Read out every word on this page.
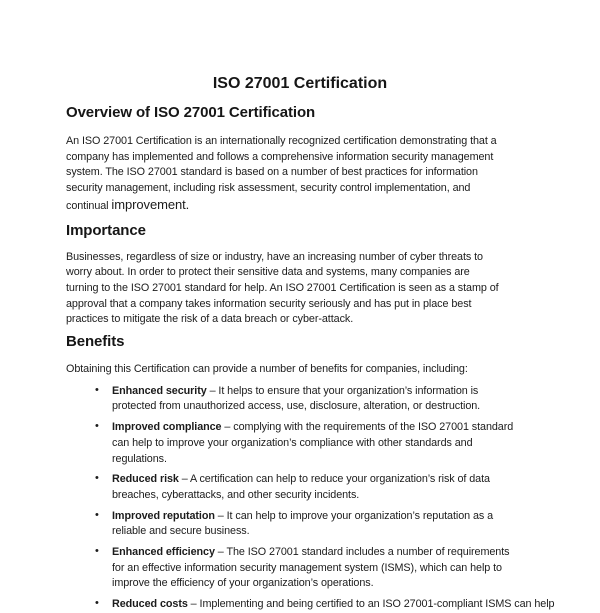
ISO 27001 Certification
Overview of ISO 27001 Certification
An ISO 27001 Certification is an internationally recognized certification demonstrating that a
company has implemented and follows a comprehensive information security management
system. The ISO 27001 standard is based on a number of best practices for information
security management, including risk assessment, security control implementation, and
continual improvement.
Importance
Businesses, regardless of size or industry, have an increasing number of cyber threats to
worry about. In order to protect their sensitive data and systems, many companies are
turning to the ISO 27001 standard for help. An ISO 27001 Certification is seen as a stamp of
approval that a company takes information security seriously and has put in place best
practices to mitigate the risk of a data breach or cyber-attack.
Benefits
Obtaining this Certification can provide a number of benefits for companies, including:
• Enhanced security – It helps to ensure that your organization’s information is
protected from unauthorized access, use, disclosure, alteration, or destruction.
• Improved compliance – complying with the requirements of the ISO 27001 standard
can help to improve your organization’s compliance with other standards and
regulations.
• Reduced risk – A certification can help to reduce your organization’s risk of data
breaches, cyberattacks, and other security incidents.
• Improved reputation – It can help to improve your organization’s reputation as a
reliable and secure business.
• Enhanced efficiency – The ISO 27001 standard includes a number of requirements
for an effective information security management system (ISMS), which can help to
improve the efficiency of your organization’s operations.
• Reduced costs – Implementing and being certified to an ISO 27001-compliant ISMS can help
